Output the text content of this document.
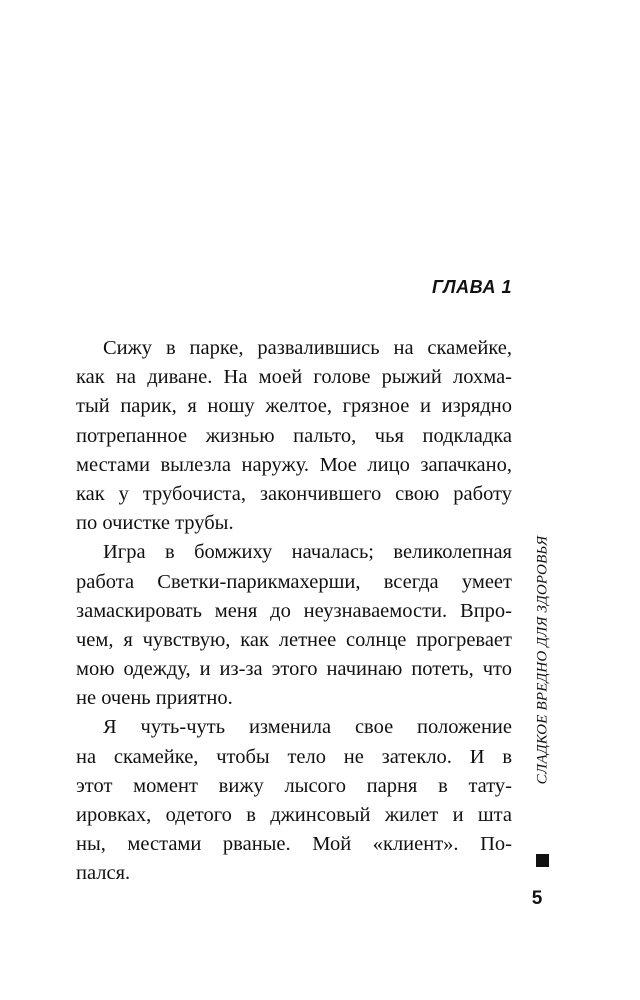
ГЛАВА 1
Сижу в парке, развалившись на скамейке,
как на диване. На моей голове рыжий лохма-
тый парик, я ношу желтое, грязное и изрядно
потрепанное жизнью пальто, чья подкладка
местами вылезла наружу. Мое лицо запачкано,
как у трубочиста, закончившего свою работу
по очистке трубы.
Игра в бомжиху началась; великолепная
работа Светки-парикмахерши, всегда умеет
замаскировать меня до неузнаваемости. Впро-
чем, я чувствую, как летнее солнце прогревает
мою одежду, и из-за этого начинаю потеть, что
не очень приятно.
Я чуть-чуть изменила свое положение
на скамейке, чтобы тело не затекло. И в
этот момент вижу лысого парня в тату-
ировках, одетого в джинсовый жилет и шта
ны, местами рваные. Мой «клиент». По-
пался.
СЛАДКОЕ ВРЕДНО ДЛЯ ЗДОРОВЬЯ
5
